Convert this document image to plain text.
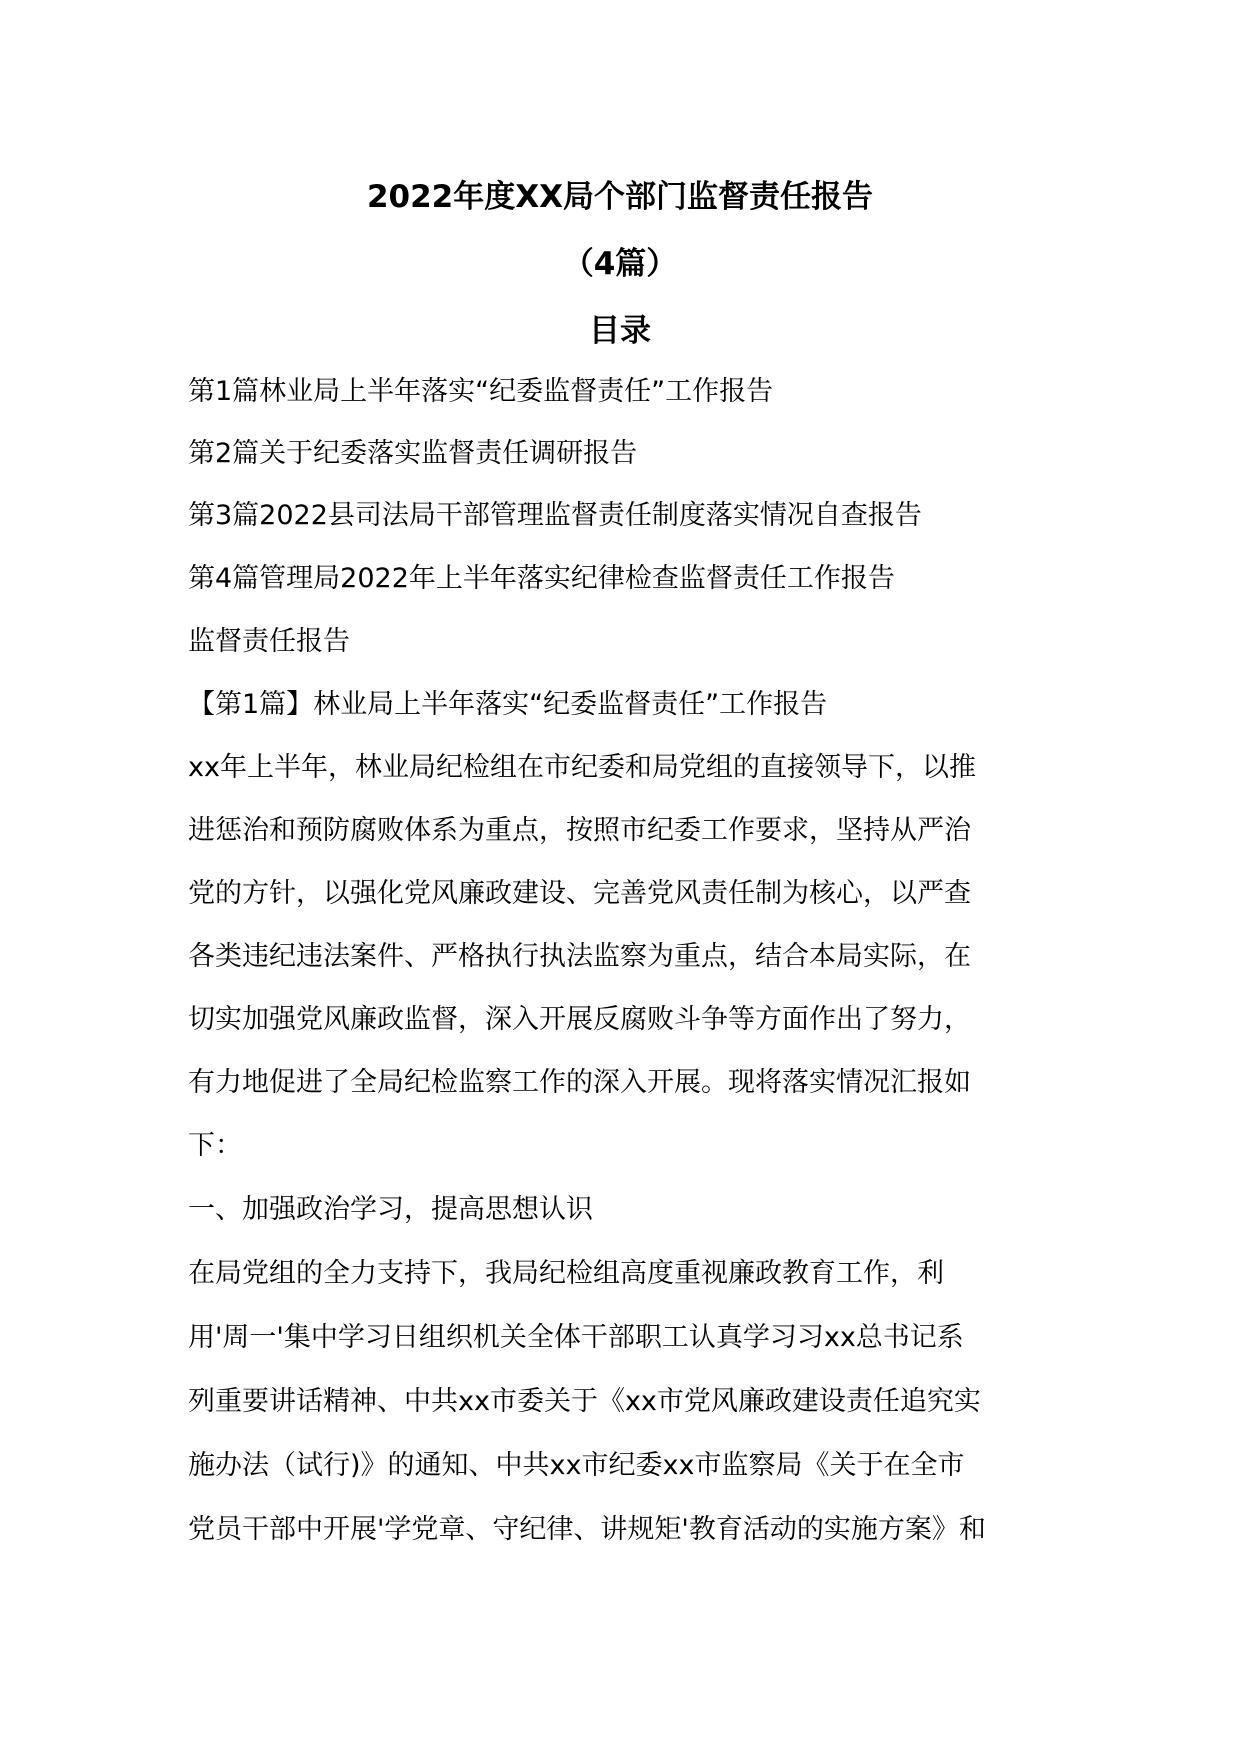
2022年度XX局个部门监督责任报告
（4篇）
目录

第1篇林业局上半年落实“纪委监督责任”工作报告

第2篇关于纪委落实监督责任调研报告

第3篇2022县司法局干部管理监督责任制度落实情况自查报告

第4篇管理局2022年上半年落实纪律检查监督责任工作报告

监督责任报告

【第1篇】林业局上半年落实“纪委监督责任”工作报告

xx年上半年，林业局纪检组在市纪委和局党组的直接领导下，以推

进惩治和预防腐败体系为重点，按照市纪委工作要求，坚持从严治

党的方针，以强化党风廉政建设、完善党风责任制为核心，以严查

各类违纪违法案件、严格执行执法监察为重点，结合本局实际，在

切实加强党风廉政监督，深入开展反腐败斗争等方面作出了努力，

有力地促进了全局纪检监察工作的深入开展。现将落实情况汇报如

下：

一、加强政治学习，提高思想认识

在局党组的全力支持下，我局纪检组高度重视廉政教育工作，利

用'周一'集中学习日组织机关全体干部职工认真学习习xx总书记系

列重要讲话精神、中共xx市委关于《xx市党风廉政建设责任追究实

施办法（试行)》的通知、中共xx市纪委xx市监察局《关于在全市

党员干部中开展'学党章、守纪律、讲规矩'教育活动的实施方案》和
